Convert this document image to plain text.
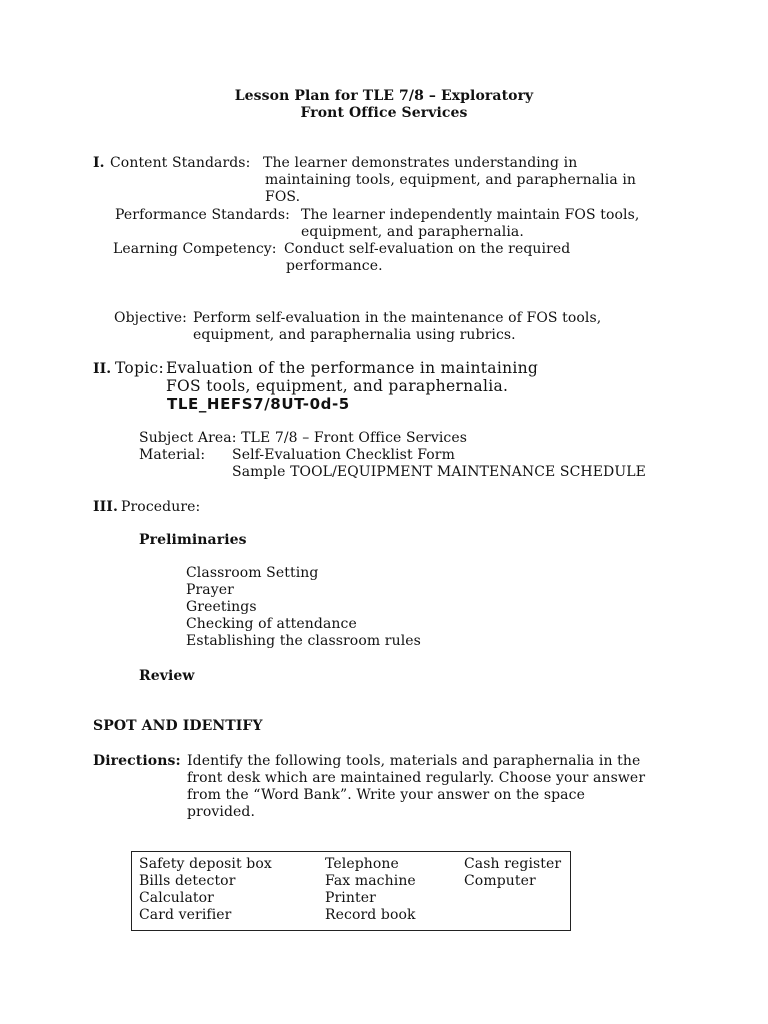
Lesson Plan for TLE 7/8 – Exploratory
Front Office Services
I. Content Standards: The learner demonstrates understanding in
maintaining tools, equipment, and paraphernalia in
FOS.
Performance Standards: The learner independently maintain FOS tools,
equipment, and paraphernalia.
Learning Competency: Conduct self-evaluation on the required
performance.
Objective: Perform self-evaluation in the maintenance of FOS tools,
equipment, and paraphernalia using rubrics.
II. Topic: Evaluation of the performance in maintaining
FOS tools, equipment, and paraphernalia.
TLE_HEFS7/8UT-0d-5
Subject Area: TLE 7/8 – Front Office Services
Material: Self-Evaluation Checklist Form
Sample TOOL/EQUIPMENT MAINTENANCE SCHEDULE
III. Procedure:
Preliminaries
Classroom Setting
Prayer
Greetings
Checking of attendance
Establishing the classroom rules
Review
SPOT AND IDENTIFY
Directions: Identify the following tools, materials and paraphernalia in the
front desk which are maintained regularly. Choose your answer
from the “Word Bank”. Write your answer on the space
provided.
Safety deposit box
Bills detector
Calculator
Card verifier
Telephone
Fax machine
Printer
Record book
Cash register
Computer
